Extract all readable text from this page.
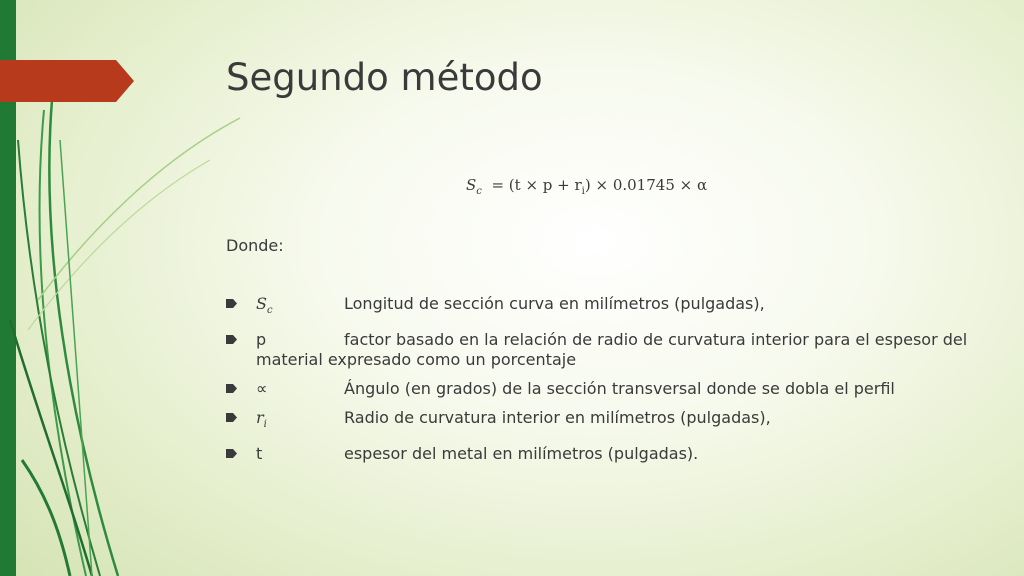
Segundo método
$S_c = (t \times p + r_i) \times 0.01745 \times \alpha$
Donde:
$S_c$	Longitud de sección curva en milímetros (pulgadas),
p	factor basado en la relación de radio de curvatura interior para el espesor del material expresado como un porcentaje
∝	Ángulo (en grados) de la sección transversal donde se dobla el perfil
$r_i$	Radio de curvatura interior en milímetros (pulgadas),
t	espesor del metal en milímetros (pulgadas).
